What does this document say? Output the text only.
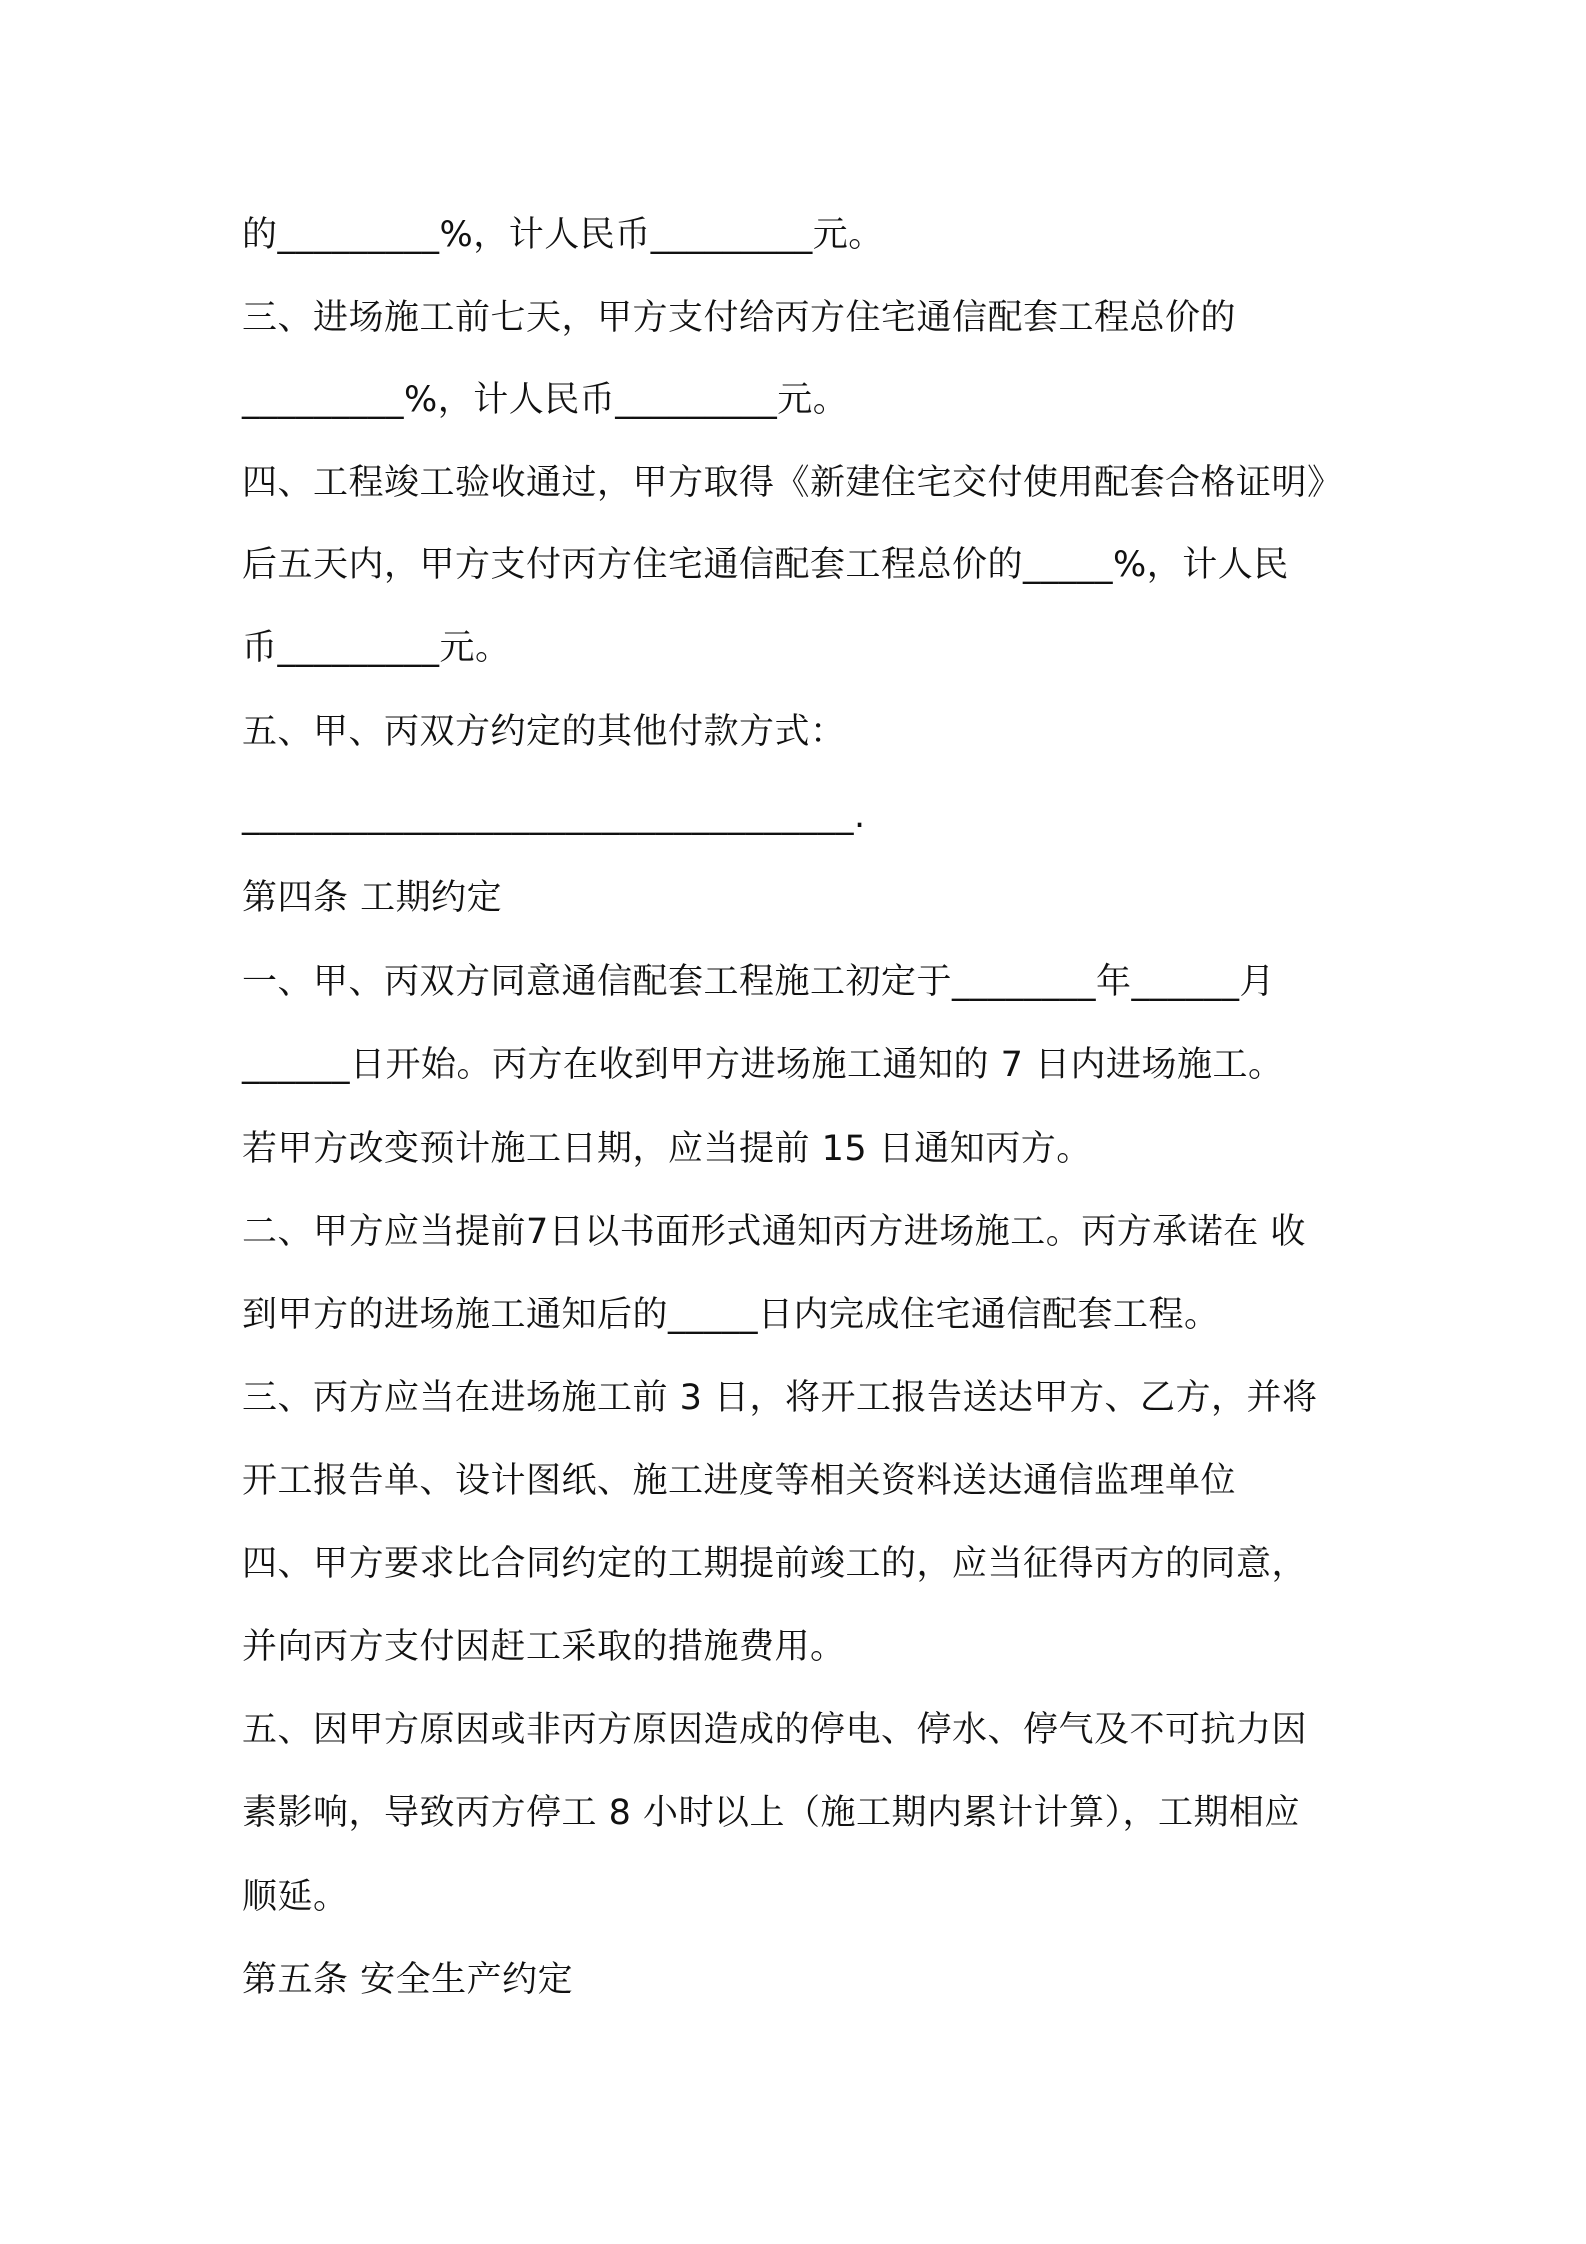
的_________%，计人民币_________元。
三、进场施工前七天，甲方支付给丙方住宅通信配套工程总价的
_________%，计人民币_________元。
四、工程竣工验收通过，甲方取得《新建住宅交付使用配套合格证明》
后五天内，甲方支付丙方住宅通信配套工程总价的_____%，计人民
币_________元。
五、甲、丙双方约定的其他付款方式：
__________________________________.
第四条 工期约定
一、甲、丙双方同意通信配套工程施工初定于________年______月
______日开始。丙方在收到甲方进场施工通知的 7 日内进场施工。
若甲方改变预计施工日期，应当提前 15 日通知丙方。
二、甲方应当提前7日以书面形式通知丙方进场施工。丙方承诺在 收
到甲方的进场施工通知后的_____日内完成住宅通信配套工程。
三、丙方应当在进场施工前 3 日，将开工报告送达甲方、乙方，并将
开工报告单、设计图纸、施工进度等相关资料送达通信监理单位
四、甲方要求比合同约定的工期提前竣工的，应当征得丙方的同意，
并向丙方支付因赶工采取的措施费用。
五、因甲方原因或非丙方原因造成的停电、停水、停气及不可抗力因
素影响，导致丙方停工 8 小时以上（施工期内累计计算），工期相应
顺延。
第五条 安全生产约定
